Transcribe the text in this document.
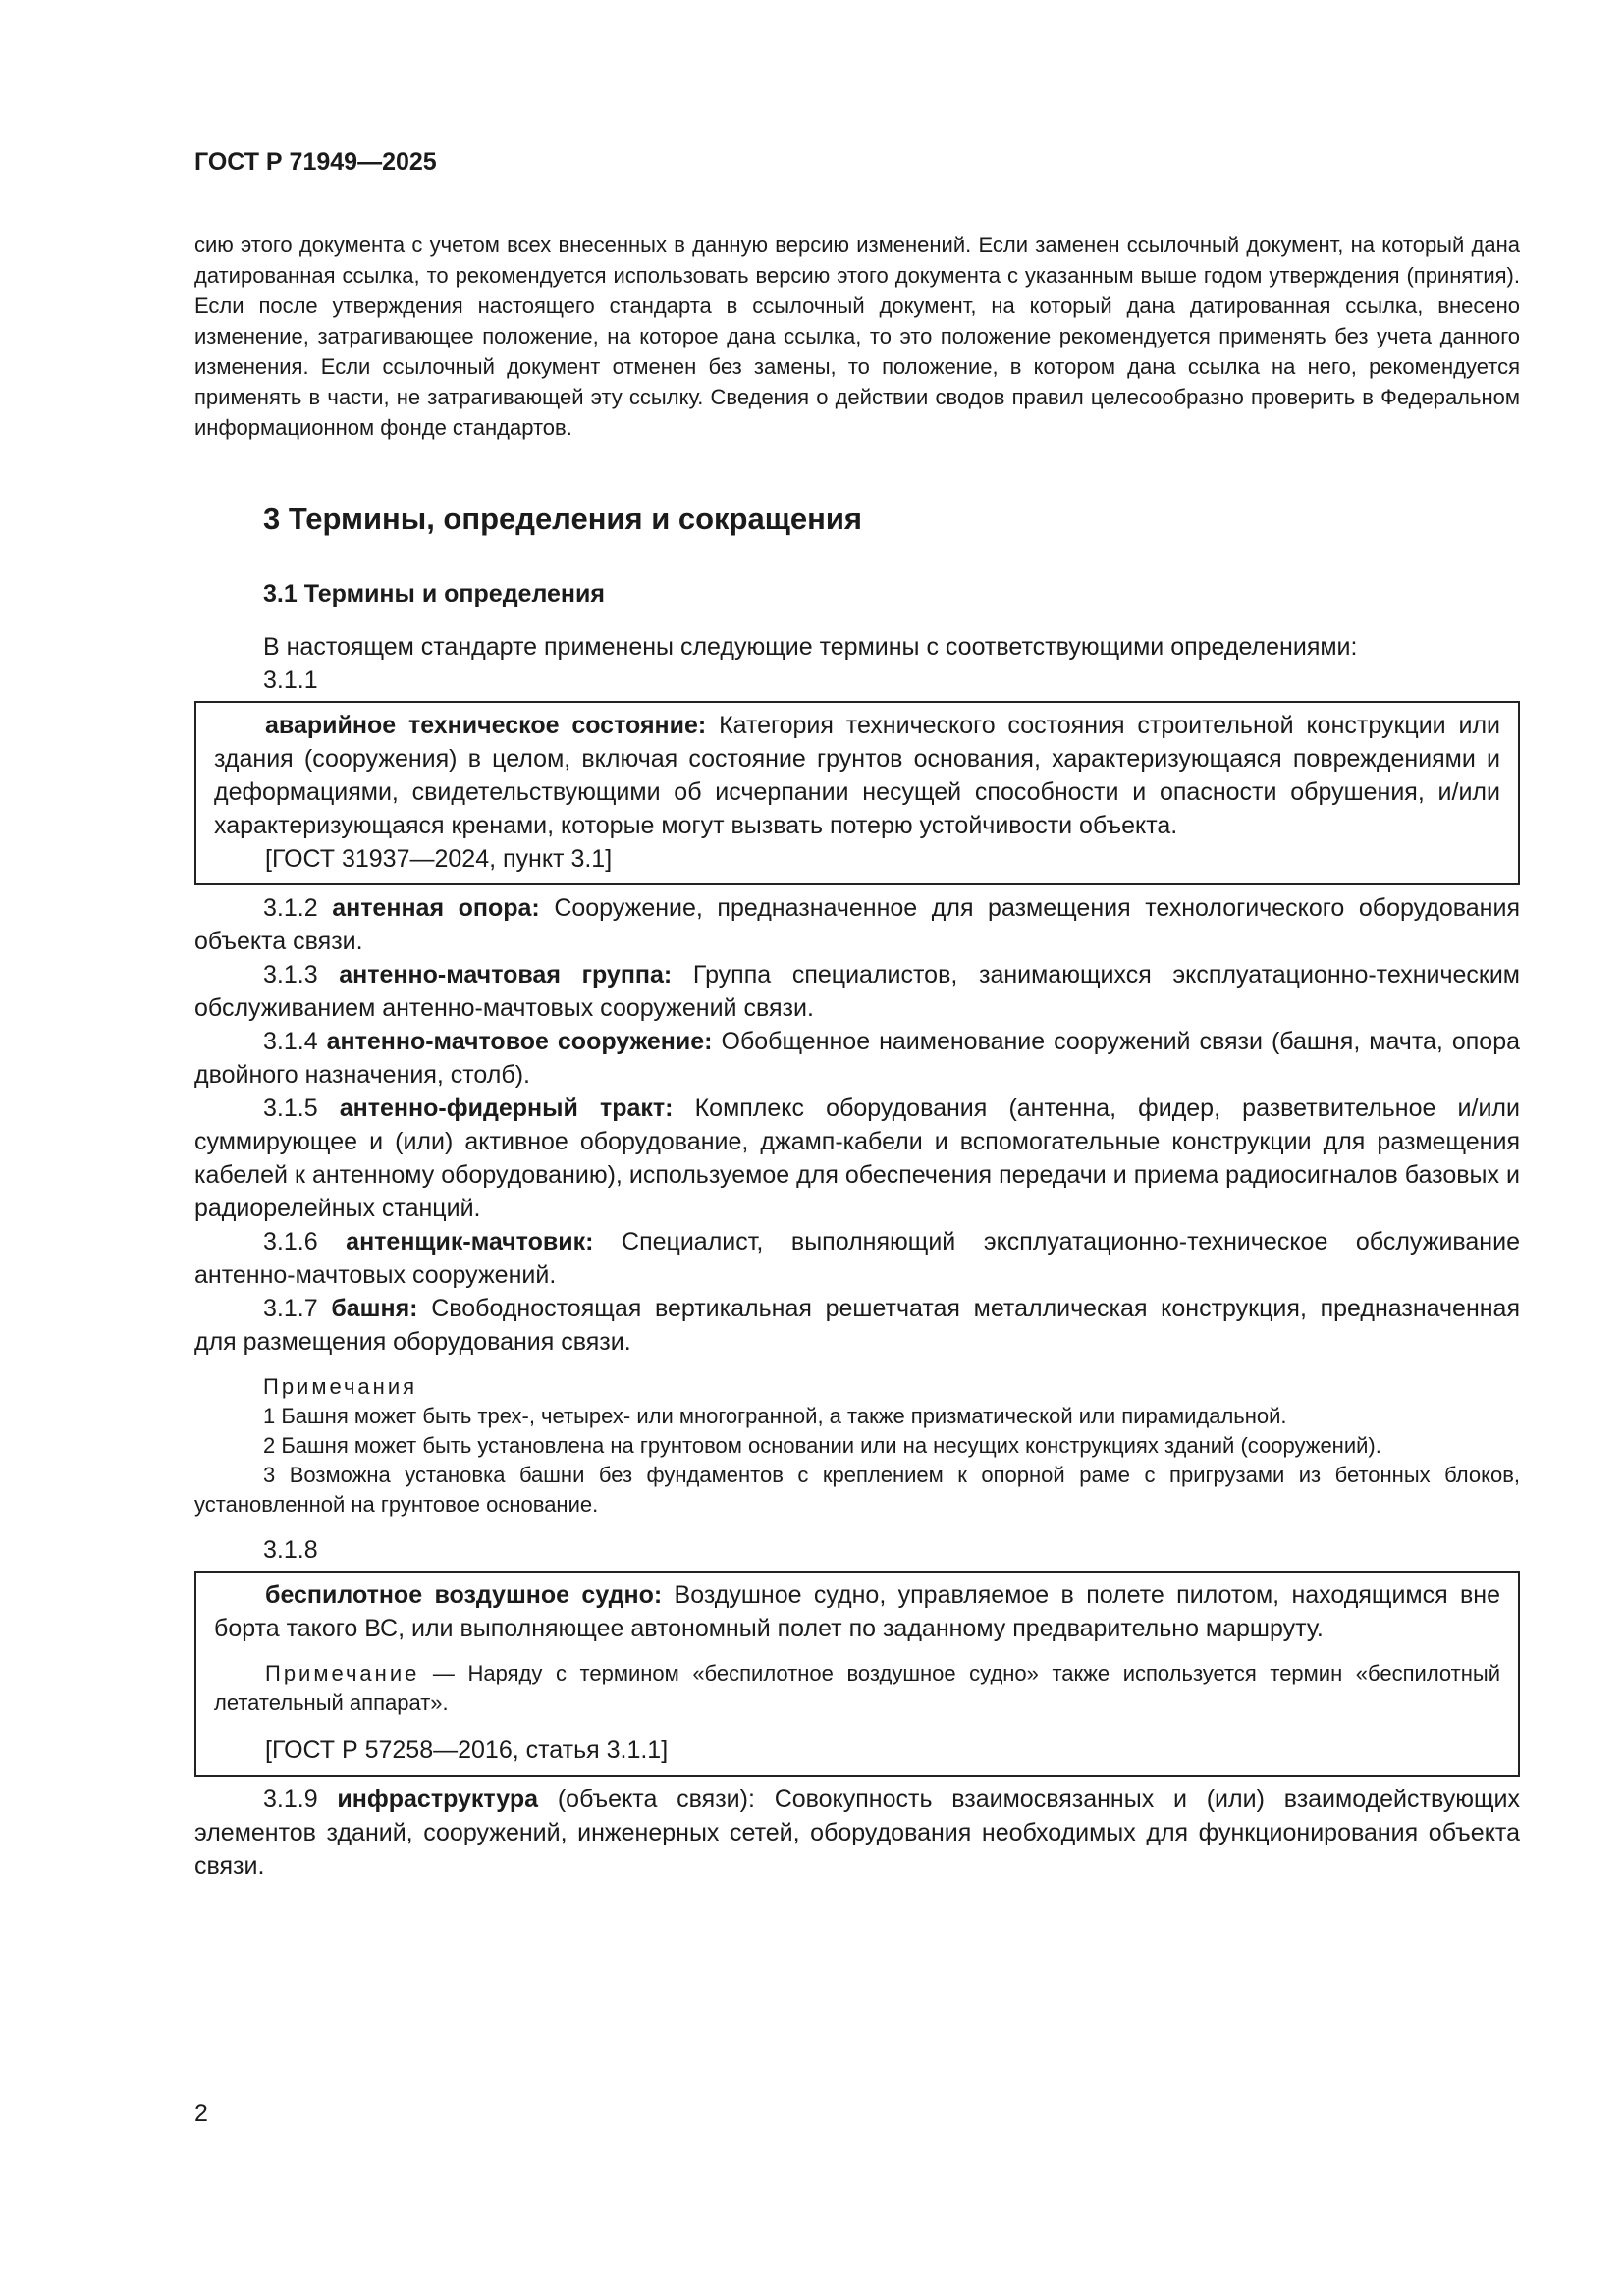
ГОСТ Р 71949—2025

сию этого документа с учетом всех внесенных в данную версию изменений. Если заменен ссылочный документ, на который дана датированная ссылка, то рекомендуется использовать версию этого документа с указанным выше годом утверждения (принятия). Если после утверждения настоящего стандарта в ссылочный документ, на который дана датированная ссылка, внесено изменение, затрагивающее положение, на которое дана ссылка, то это положение рекомендуется применять без учета данного изменения. Если ссылочный документ отменен без замены, то положение, в котором дана ссылка на него, рекомендуется применять в части, не затрагивающей эту ссылку. Сведения о действии сводов правил целесообразно проверить в Федеральном информационном фонде стандартов.

3 Термины, определения и сокращения
3.1 Термины и определения

В настоящем стандарте применены следующие термины с соответствующими определениями:

3.1.1

аварийное техническое состояние: Категория технического состояния строительной конструкции или здания (сооружения) в целом, включая состояние грунтов основания, характеризующаяся повреждениями и деформациями, свидетельствующими об исчерпании несущей способности и опасности обрушения, и/или характеризующаяся кренами, которые могут вызвать потерю устойчивости объекта.

[ГОСТ 31937—2024, пункт 3.1]

3.1.2 антенная опора: Сооружение, предназначенное для размещения технологического оборудования объекта связи.

3.1.3 антенно-мачтовая группа: Группа специалистов, занимающихся эксплуатационно-техническим обслуживанием антенно-мачтовых сооружений связи.

3.1.4 антенно-мачтовое сооружение: Обобщенное наименование сооружений связи (башня, мачта, опора двойного назначения, столб).

3.1.5 антенно-фидерный тракт: Комплекс оборудования (антенна, фидер, разветвительное и/или суммирующее и (или) активное оборудование, джамп-кабели и вспомогательные конструкции для размещения кабелей к антенному оборудованию), используемое для обеспечения передачи и приема радиосигналов базовых и радиорелейных станций.

3.1.6 антенщик-мачтовик: Специалист, выполняющий эксплуатационно-техническое обслуживание антенно-мачтовых сооружений.

3.1.7 башня: Свободностоящая вертикальная решетчатая металлическая конструкция, предназначенная для размещения оборудования связи.

Примечания

1 Башня может быть трех-, четырех- или многогранной, а также призматической или пирамидальной.

2 Башня может быть установлена на грунтовом основании или на несущих конструкциях зданий (сооружений).

3 Возможна установка башни без фундаментов с креплением к опорной раме с пригрузами из бетонных блоков, установленной на грунтовое основание.

3.1.8

беспилотное воздушное судно: Воздушное судно, управляемое в полете пилотом, находящимся вне борта такого ВС, или выполняющее автономный полет по заданному предварительно маршруту.

Примечание — Наряду с термином «беспилотное воздушное судно» также используется термин «беспилотный летательный аппарат».

[ГОСТ Р 57258—2016, статья 3.1.1]

3.1.9 инфраструктура (объекта связи): Совокупность взаимосвязанных и (или) взаимодействующих элементов зданий, сооружений, инженерных сетей, оборудования необходимых для функционирования объекта связи.

2
